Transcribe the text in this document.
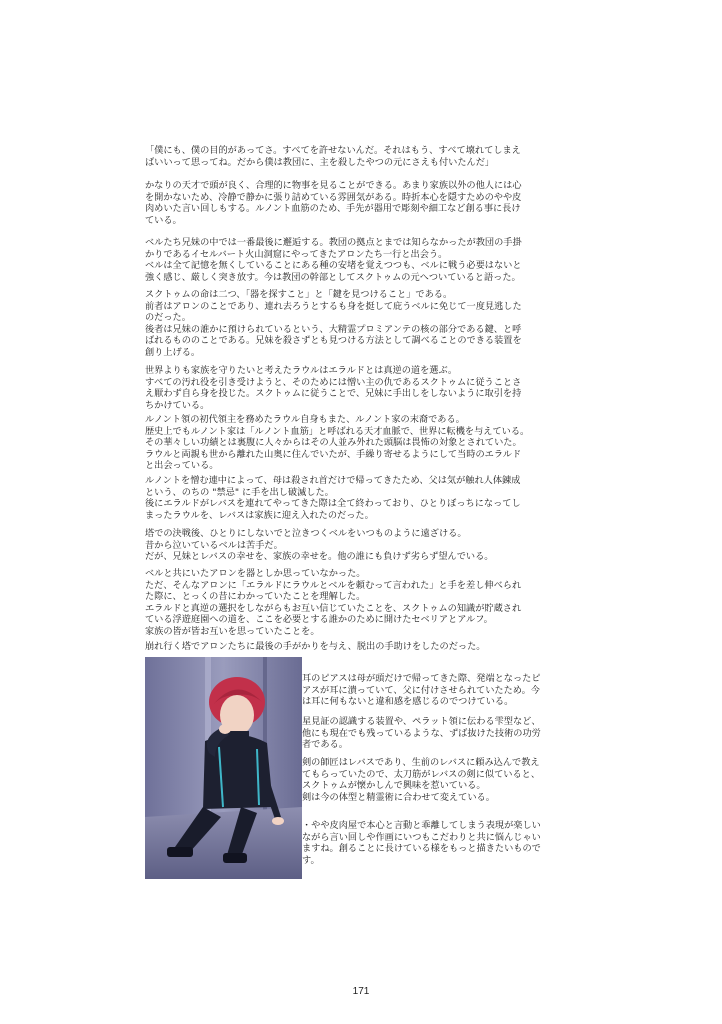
「僕にも、僕の目的があってさ。すべてを許せないんだ。それはもう、すべて壊れてしまえ
ばいいって思ってね。だから僕は教団に、主を殺したやつの元にさえも付いたんだ」

かなりの天才で頭が良く、合理的に物事を見ることができる。あまり家族以外の他人には心
を開かないため、冷静で静かに張り詰めている雰囲気がある。時折本心を隠すためのやや皮
肉めいた言い回しもする。ルノント血筋のため、手先が器用で彫刻や細工など創る事に長け
ている。

ベルたち兄妹の中では一番最後に邂逅する。教団の拠点とまでは知らなかったが教団の手掛
かりであるイセルバート火山洞窟にやってきたアロンたち一行と出会う。
ベルは全て記憶を無くしていることにある種の安堵を覚えつつも、ベルに戦う必要はないと
強く感じ、厳しく突き放す。今は教団の幹部としてスクトゥムの元へついていると語った。

スクトゥムの命は二つ、「器を探すこと」と「鍵を見つけること」である。
前者はアロンのことであり、連れ去ろうとするも身を挺して庇うベルに免じて一度見逃した
のだった。
後者は兄妹の誰かに預けられているという、大精霊プロミアンテの核の部分である鍵、と呼
ばれるもののことである。兄妹を殺さずとも見つける方法として調べることのできる装置を
創り上げる。

世界よりも家族を守りたいと考えたラウルはエラルドとは真逆の道を選ぶ。
すべての汚れ役を引き受けようと、そのためには憎い主の仇であるスクトゥムに従うことさ
え厭わず自ら身を投じた。スクトゥムに従うことで、兄妹に手出しをしないように取引を持
ちかけている。

ルノント領の初代領主を務めたラウル自身もまた、ルノント家の末裔である。
歴史上でもルノント家は「ルノント血筋」と呼ばれる天才血脈で、世界に転機を与えている。
その華々しい功績とは裏腹に人々からはその人並み外れた頭脳は畏怖の対象とされていた。
ラウルと両親も世から離れた山奥に住んでいたが、手繰り寄せるようにして当時のエラルド
と出会っている。

ルノントを憎む連中によって、母は殺され首だけで帰ってきたため、父は気が触れ人体錬成
という、のちの "禁忌" に手を出し破滅した。
後にエラルドがレバスを連れてやってきた際は全て終わっており、ひとりぼっちになってし
まったラウルを、レバスは家族に迎え入れたのだった。

塔での決戦後、ひとりにしないでと泣きつくベルをいつものように遠ざける。
昔から泣いているベルは苦手だ。
だが、兄妹とレバスの幸せを、家族の幸せを。他の誰にも負けず劣らず望んでいる。

ベルと共にいたアロンを器としか思っていなかった。
ただ、そんなアロンに「エラルドにラウルとベルを頼むって言われた」と手を差し伸べられ
た際に、とっくの昔にわかっていたことを理解した。
エラルドと真逆の選択をしながらもお互い信じていたことを、スクトゥムの知識が貯蔵され
ている浮遊庭園への道を、ここを必要とする誰かのために開けたセベリアとアルフ。
家族の皆が皆お互いを思っていたことを。

崩れ行く塔でアロンたちに最後の手がかりを与え、脱出の手助けをしたのだった。

耳のピアスは母が頭だけで帰ってきた際、発端となったピ
アスが耳に潰っていて、父に付けさせられていたため。今
は耳に何もないと違和感を感じるのでつけている。

星見証の認識する装置や、ペラット領に伝わる雫型など、
他にも現在でも残っているような、ずば抜けた技術の功労
者である。

剣の師匠はレバスであり、生前のレバスに頼み込んで教え
てもらっていたので、太刀筋がレバスの剣に似ていると、
スクトゥムが懐かしんで興味を惹いている。
剣は今の体型と精霊術に合わせて変えている。

・やや皮肉屋で本心と言動と乖離してしまう表現が楽しい
ながら言い回しや作画にいつもこだわりと共に悩んじゃい
ますね。創ることに長けている様をもっと描きたいもので
す。

171
